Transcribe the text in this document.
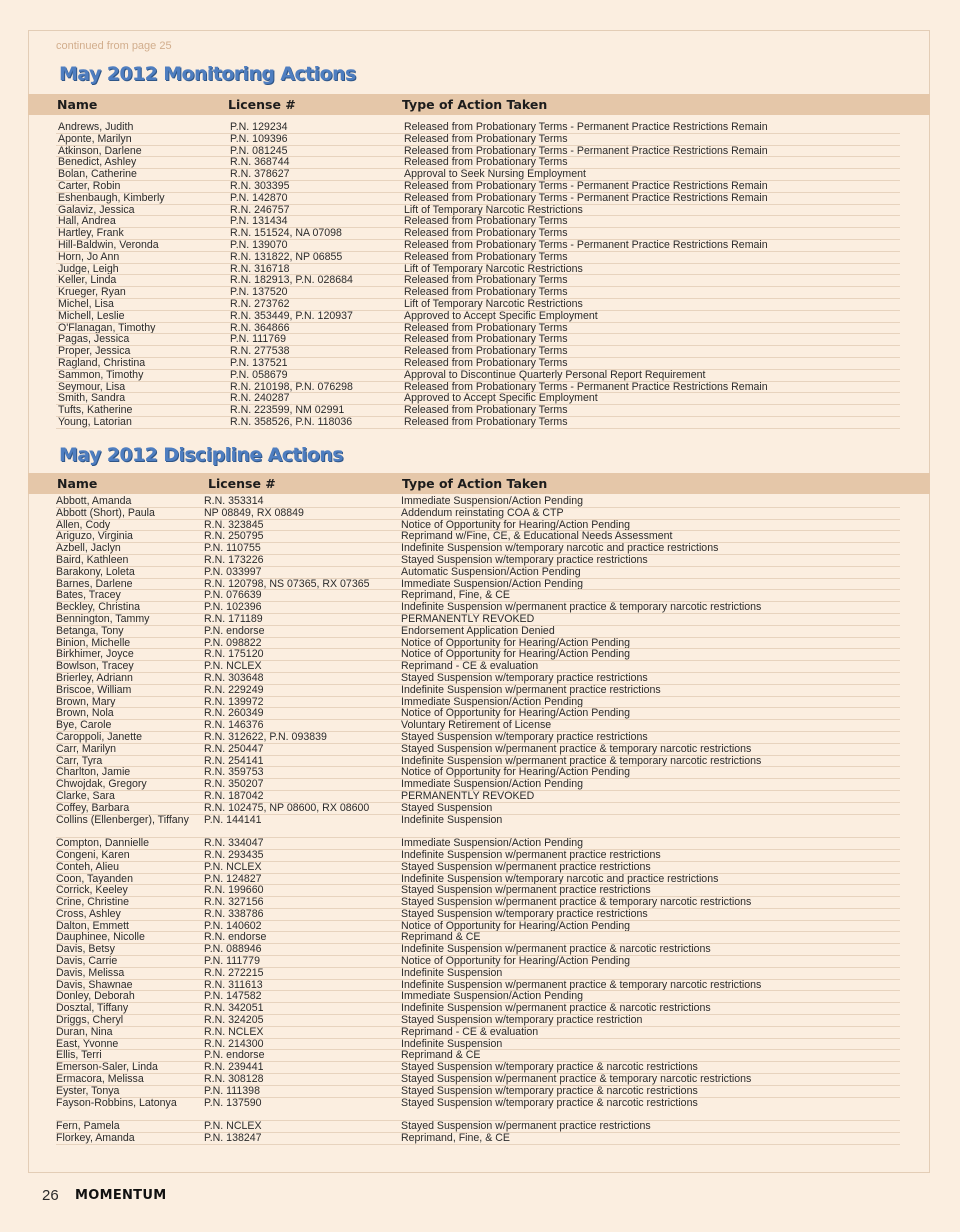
continued from page 25
May 2012 Monitoring Actions
Name	License #	Type of Action Taken
Andrews, Judith	P.N. 129234	Released from Probationary Terms - Permanent Practice Restrictions Remain
Aponte, Marilyn	P.N. 109396	Released from Probationary Terms
Atkinson, Darlene	P.N. 081245	Released from Probationary Terms - Permanent Practice Restrictions Remain
Benedict, Ashley	R.N. 368744	Released from Probationary Terms
Bolan, Catherine	R.N. 378627	Approval to Seek Nursing Employment
Carter, Robin	R.N. 303395	Released from Probationary Terms - Permanent Practice Restrictions Remain
Eshenbaugh, Kimberly	P.N. 142870	Released from Probationary Terms - Permanent Practice Restrictions Remain
Galaviz, Jessica	R.N. 246757	Lift of Temporary Narcotic Restrictions
Hall, Andrea	P.N. 131434	Released from Probationary Terms
Hartley, Frank	R.N. 151524, NA 07098	Released from Probationary Terms
Hill-Baldwin, Veronda	P.N. 139070	Released from Probationary Terms - Permanent Practice Restrictions Remain
Horn, Jo Ann	R.N. 131822, NP 06855	Released from Probationary Terms
Judge, Leigh	R.N. 316718	Lift of Temporary Narcotic Restrictions
Keller, Linda	R.N. 182913, P.N. 028684	Released from Probationary Terms
Krueger, Ryan	P.N. 137520	Released from Probationary Terms
Michel, Lisa	R.N. 273762	Lift of Temporary Narcotic Restrictions
Michell, Leslie	R.N. 353449, P.N. 120937	Approved to Accept Specific Employment
O'Flanagan, Timothy	R.N. 364866	Released from Probationary Terms
Pagas, Jessica	P.N. 111769	Released from Probationary Terms
Proper, Jessica	R.N. 277538	Released from Probationary Terms
Ragland, Christina	P.N. 137521	Released from Probationary Terms
Sammon, Timothy	P.N. 058679	Approval to Discontinue Quarterly Personal Report Requirement
Seymour, Lisa	R.N. 210198, P.N. 076298	Released from Probationary Terms - Permanent Practice Restrictions Remain
Smith, Sandra	R.N. 240287	Approved to Accept Specific Employment
Tufts, Katherine	R.N. 223599, NM 02991	Released from Probationary Terms
Young, Latorian	R.N. 358526, P.N. 118036	Released from Probationary Terms
May 2012 Discipline Actions
Name	License #	Type of Action Taken
Abbott, Amanda	R.N. 353314	Immediate Suspension/Action Pending
Abbott (Short), Paula	NP 08849, RX 08849	Addendum reinstating COA & CTP
Allen, Cody	R.N. 323845	Notice of Opportunity for Hearing/Action Pending
Ariguzo, Virginia	R.N. 250795	Reprimand w/Fine, CE, & Educational Needs Assessment
Azbell, Jaclyn	P.N. 110755	Indefinite Suspension w/temporary narcotic and practice restrictions
Baird, Kathleen	R.N. 173226	Stayed Suspension w/temporary practice restrictions
Barakony, Loleta	P.N. 033997	Automatic Suspension/Action Pending
Barnes, Darlene	R.N. 120798, NS 07365, RX 07365	Immediate Suspension/Action Pending
Bates, Tracey	P.N. 076639	Reprimand, Fine, & CE
Beckley, Christina	P.N. 102396	Indefinite Suspension w/permanent practice & temporary narcotic restrictions
Bennington, Tammy	R.N. 171189	PERMANENTLY REVOKED
Betanga, Tony	P.N. endorse	Endorsement Application Denied
Binion, Michelle	P.N. 098822	Notice of Opportunity for Hearing/Action Pending
Birkhimer, Joyce	R.N. 175120	Notice of Opportunity for Hearing/Action Pending
Bowlson, Tracey	P.N. NCLEX	Reprimand - CE & evaluation
Brierley, Adriann	R.N. 303648	Stayed Suspension w/temporary practice restrictions
Briscoe, William	R.N. 229249	Indefinite Suspension w/permanent practice restrictions
Brown, Mary	R.N. 139972	Immediate Suspension/Action Pending
Brown, Nola	R.N. 260349	Notice of Opportunity for Hearing/Action Pending
Bye, Carole	R.N. 146376	Voluntary Retirement of License
Caroppoli, Janette	R.N. 312622, P.N. 093839	Stayed Suspension w/temporary practice restrictions
Carr, Marilyn	R.N. 250447	Stayed Suspension w/permanent practice & temporary narcotic restrictions
Carr, Tyra	R.N. 254141	Indefinite Suspension w/permanent practice & temporary narcotic restrictions
Charlton, Jamie	R.N. 359753	Notice of Opportunity for Hearing/Action Pending
Chwojdak, Gregory	R.N. 350207	Immediate Suspension/Action Pending
Clarke, Sara	R.N. 187042	PERMANENTLY REVOKED
Coffey, Barbara	R.N. 102475, NP 08600, RX 08600	Stayed Suspension
Collins (Ellenberger), Tiffany	P.N. 144141	Indefinite Suspension
Compton, Dannielle	R.N. 334047	Immediate Suspension/Action Pending
Congeni, Karen	R.N. 293435	Indefinite Suspension w/permanent practice restrictions
Conteh, Alieu	P.N. NCLEX	Stayed Suspension w/permanent practice restrictions
Coon, Tayanden	P.N. 124827	Indefinite Suspension w/temporary narcotic and practice restrictions
Corrick, Keeley	R.N. 199660	Stayed Suspension w/permanent practice restrictions
Crine, Christine	R.N. 327156	Stayed Suspension w/permanent practice & temporary narcotic restrictions
Cross, Ashley	R.N. 338786	Stayed Suspension w/temporary practice restrictions
Dalton, Emmett	P.N. 140602	Notice of Opportunity for Hearing/Action Pending
Dauphinee, Nicolle	R.N. endorse	Reprimand & CE
Davis, Betsy	P.N. 088946	Indefinite Suspension w/permanent practice & narcotic restrictions
Davis, Carrie	P.N. 111779	Notice of Opportunity for Hearing/Action Pending
Davis, Melissa	R.N. 272215	Indefinite Suspension
Davis, Shawnae	R.N. 311613	Indefinite Suspension w/permanent practice & temporary narcotic restrictions
Donley, Deborah	P.N. 147582	Immediate Suspension/Action Pending
Dosztal, Tiffany	R.N. 342051	Indefinite Suspension w/permanent practice & narcotic restrictions
Driggs, Cheryl	R.N. 324205	Stayed Suspension w/temporary practice restriction
Duran, Nina	R.N. NCLEX	Reprimand - CE & evaluation
East, Yvonne	R.N. 214300	Indefinite Suspension
Ellis, Terri	P.N. endorse	Reprimand & CE
Emerson-Saler, Linda	R.N. 239441	Stayed Suspension w/temporary practice & narcotic restrictions
Ermacora, Melissa	R.N. 308128	Stayed Suspension w/permanent practice & temporary narcotic restrictions
Eyster, Tonya	P.N. 111398	Stayed Suspension w/temporary practice & narcotic restrictions
Fayson-Robbins, Latonya	P.N. 137590	Stayed Suspension w/temporary practice & narcotic restrictions
Fern, Pamela	P.N. NCLEX	Stayed Suspension w/permanent practice restrictions
Florkey, Amanda	P.N. 138247	Reprimand, Fine, & CE
26 MOMENTUM
